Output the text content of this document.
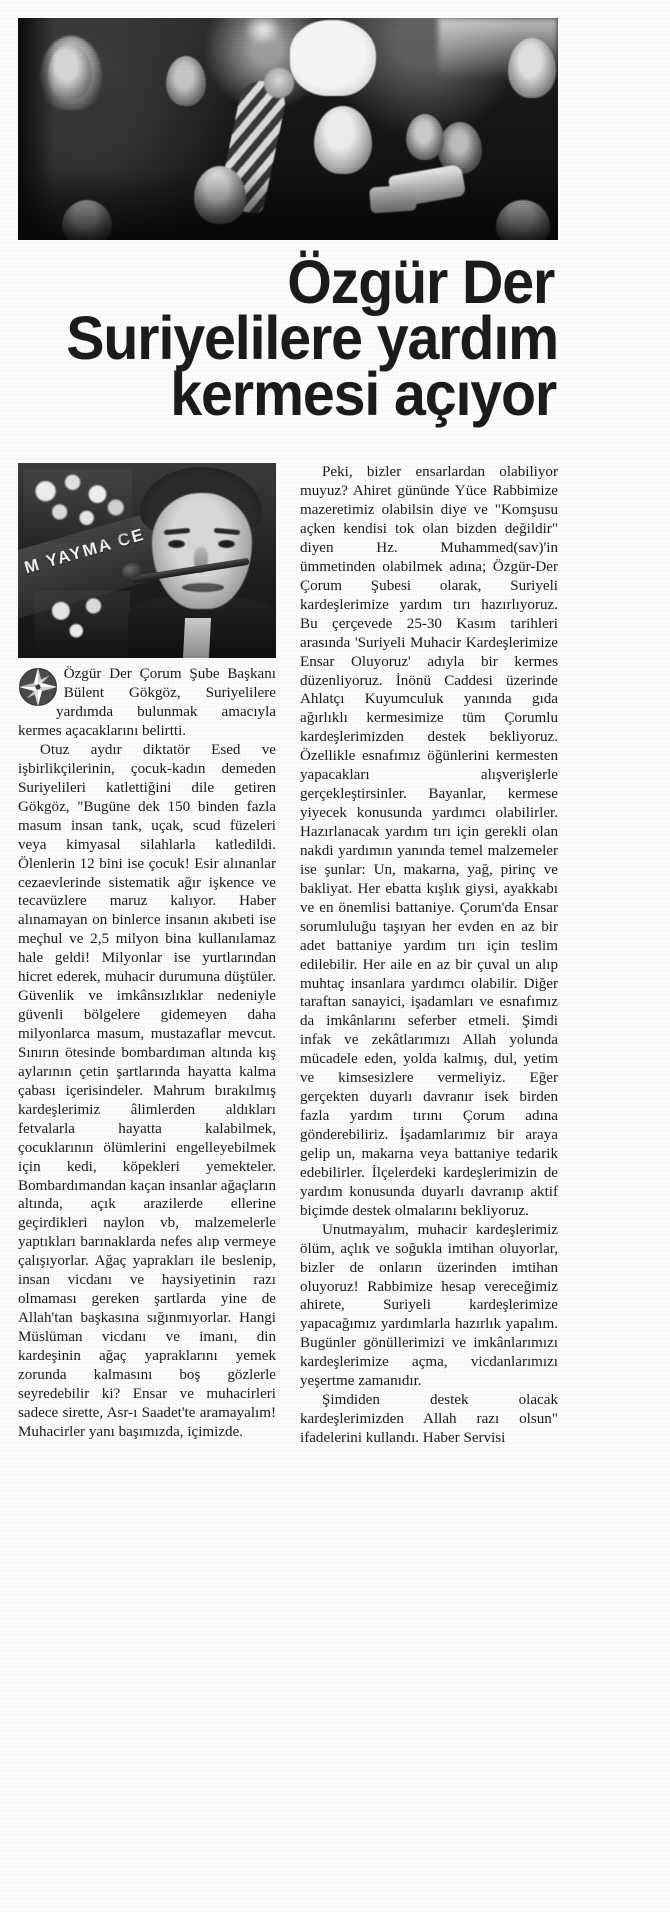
Özgür Der
Suriyelilere yardım
kermesi açıyor

Peki, bizler ensarlardan olabiliyor muyuz? Ahiret gününde Yüce Rabbimize mazeretimiz olabilsin diye ve "Komşusu açken kendisi tok olan bizden değildir" diyen Hz. Muhammed(sav)'in ümmetinden olabilmek adına; Özgür-Der Çorum Şubesi olarak, Suriyeli kardeşlerimize yardım tırı hazırlıyoruz. Bu çerçevede 25-30 Kasım tarihleri arasında 'Suriyeli Muhacir Kardeşlerimize Ensar Oluyoruz' adıyla bir kermes düzenliyoruz. İnönü Caddesi üzerinde Ahlatçı Kuyumculuk yanında gıda ağırlıklı kermesimize tüm Çorumlu kardeşlerimizden destek bekliyoruz. Özellikle esnafımız öğünlerini kermesten yapacakları alışverişlerle gerçekleştirsinler. Bayanlar, kermese yiyecek konusunda yardımcı olabilirler. Hazırlanacak yardım tırı için gerekli olan nakdi yardımın yanında temel malzemeler ise şunlar: Un, makarna, yağ, pirinç ve bakliyat. Her ebatta kışlık giysi, ayakkabı ve en önemlisi battaniye. Çorum'da Ensar sorumluluğu taşıyan her evden en az bir adet battaniye yardım tırı için teslim edilebilir. Her aile en az bir çuval un alıp muhtaç insanlara yardımcı olabilir. Diğer taraftan sanayici, işadamları ve esnafımız da imkânlarını seferber etmeli. Şimdi infak ve zekâtlarımızı Allah yolunda mücadele eden, yolda kalmış, dul, yetim ve kimsesizlere vermeliyiz. Eğer gerçekten duyarlı davranır isek birden fazla yardım tırını Çorum adına gönderebiliriz. İşadamlarımız bir araya gelip un, makarna veya battaniye tedarik edebilirler. İlçelerdeki kardeşlerimizin de yardım konusunda duyarlı davranıp aktif biçimde destek olmalarını bekliyoruz.

Unutmayalım, muhacir kardeşlerimiz ölüm, açlık ve soğukla imtihan oluyorlar, bizler de onların üzerinden imtihan oluyoruz! Rabbimize hesap vereceğimiz ahirete, Suriyeli kardeşlerimize yapacağımız yardımlarla hazırlık yapalım. Bugünler gönüllerimizi ve imkânlarımızı kardeşlerimize açma, vicdanlarımızı yeşertme zamanıdır.

Şimdiden destek olacak kardeşlerimizden Allah razı olsun" ifadelerini kullandı. Haber Servisi

Özgür Der Çorum Şube Başkanı Bülent Gökgöz, Suriyelilere yardımda bulunmak amacıyla kermes açacaklarını belirtti.

Otuz aydır diktatör Esed ve işbirlikçilerinin, çocuk-kadın demeden Suriyelileri katlettiğini dile getiren Gökgöz, "Bugüne dek 150 binden fazla masum insan tank, uçak, scud füzeleri veya kimyasal silahlarla katledildi. Ölenlerin 12 bini ise çocuk! Esir alınanlar cezaevlerinde sistematik ağır işkence ve tecavüzlere maruz kalıyor. Haber alınamayan on binlerce insanın akıbeti ise meçhul ve 2,5 milyon bina kullanılamaz hale geldi! Milyonlar ise yurtlarından hicret ederek, muhacir durumuna düştüler. Güvenlik ve imkânsızlıklar nedeniyle güvenli bölgelere gidemeyen daha milyonlarca masum, mustazaflar mevcut. Sınırın ötesinde bombardıman altında kış aylarının çetin şartlarında hayatta kalma çabası içerisindeler. Mahrum bırakılmış kardeşlerimiz âlimlerden aldıkları fetvalarla hayatta kalabilmek, çocuklarının ölümlerini engelleyebilmek için kedi, köpekleri yemekteler. Bombardımandan kaçan insanlar ağaçların altında, açık arazilerde ellerine geçirdikleri naylon vb, malzemelerle yaptıkları barınaklarda nefes alıp vermeye çalışıyorlar. Ağaç yaprakları ile beslenip, insan vicdanı ve haysiyetinin razı olmaması gereken şartlarda yine de Allah'tan başkasına sığınmıyorlar. Hangi Müslüman vicdanı ve imanı, din kardeşinin ağaç yapraklarını yemek zorunda kalmasını boş gözlerle seyredebilir ki? Ensar ve muhacirleri sadece sirette, Asr-ı Saadet'te aramayalım! Muhacirler yanı başımızda, içimizde.
